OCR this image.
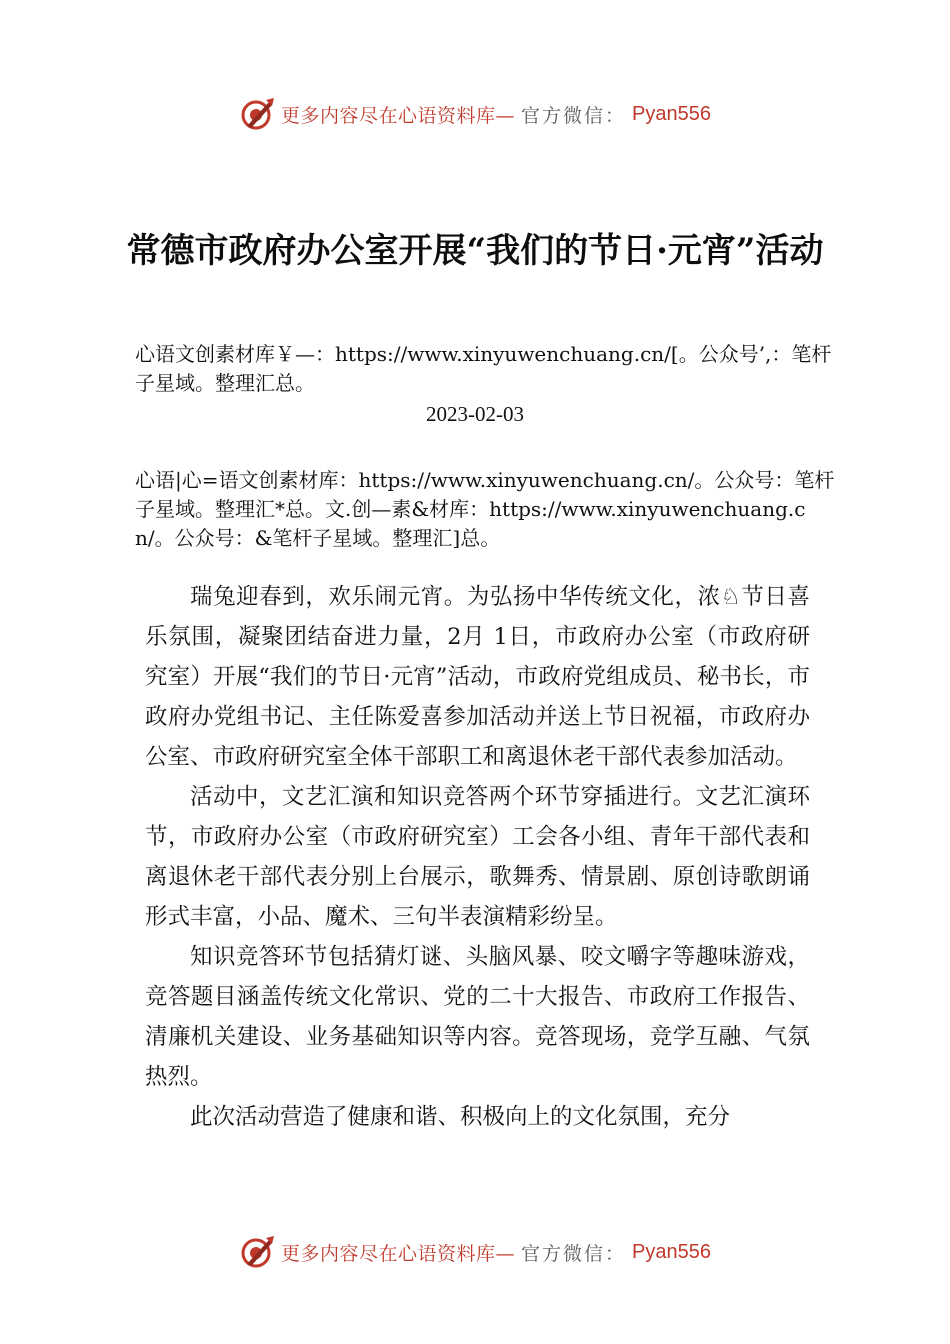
更多内容尽在心语资料库— 官方微信： Pyan556
常德市政府办公室开展“我们的节日·元宵”活动
心语文创素材库￥—：https://www.xinyuwenchuang.cn/[。公众号’,：笔杆子星域。整理汇总。
2023-02-03
心语|心=语文创素材库：https://www.xinyuwenchuang.cn/。公众号：笔杆子星域。整理汇*总。文.创—素&材库：https://www.xinyuwenchuang.cn/。公众号：&笔杆子星域。整理汇]总。

瑞兔迎春到，欢乐闹元宵。为弘扬中华传统文化，浓♘节日喜乐氛围，凝聚团结奋进力量，2月 1日，市政府办公室（市政府研究室）开展“我们的节日·元宵”活动，市政府党组成员、秘书长，市政府办党组书记、主任陈爱喜参加活动并送上节日祝福，市政府办公室、市政府研究室全体干部职工和离退休老干部代表参加活动。

活动中，文艺汇演和知识竞答两个环节穿插进行。文艺汇演环节，市政府办公室（市政府研究室）工会各小组、青年干部代表和离退休老干部代表分别上台展示，歌舞秀、情景剧、原创诗歌朗诵形式丰富，小品、魔术、三句半表演精彩纷呈。

知识竞答环节包括猜灯谜、头脑风暴、咬文嚼字等趣味游戏，竞答题目涵盖传统文化常识、党的二十大报告、市政府工作报告、清廉机关建设、业务基础知识等内容。竞答现场，竞学互融、气氛热烈。

此次活动营造了健康和谐、积极向上的文化氛围，充分

更多内容尽在心语资料库— 官方微信： Pyan556
